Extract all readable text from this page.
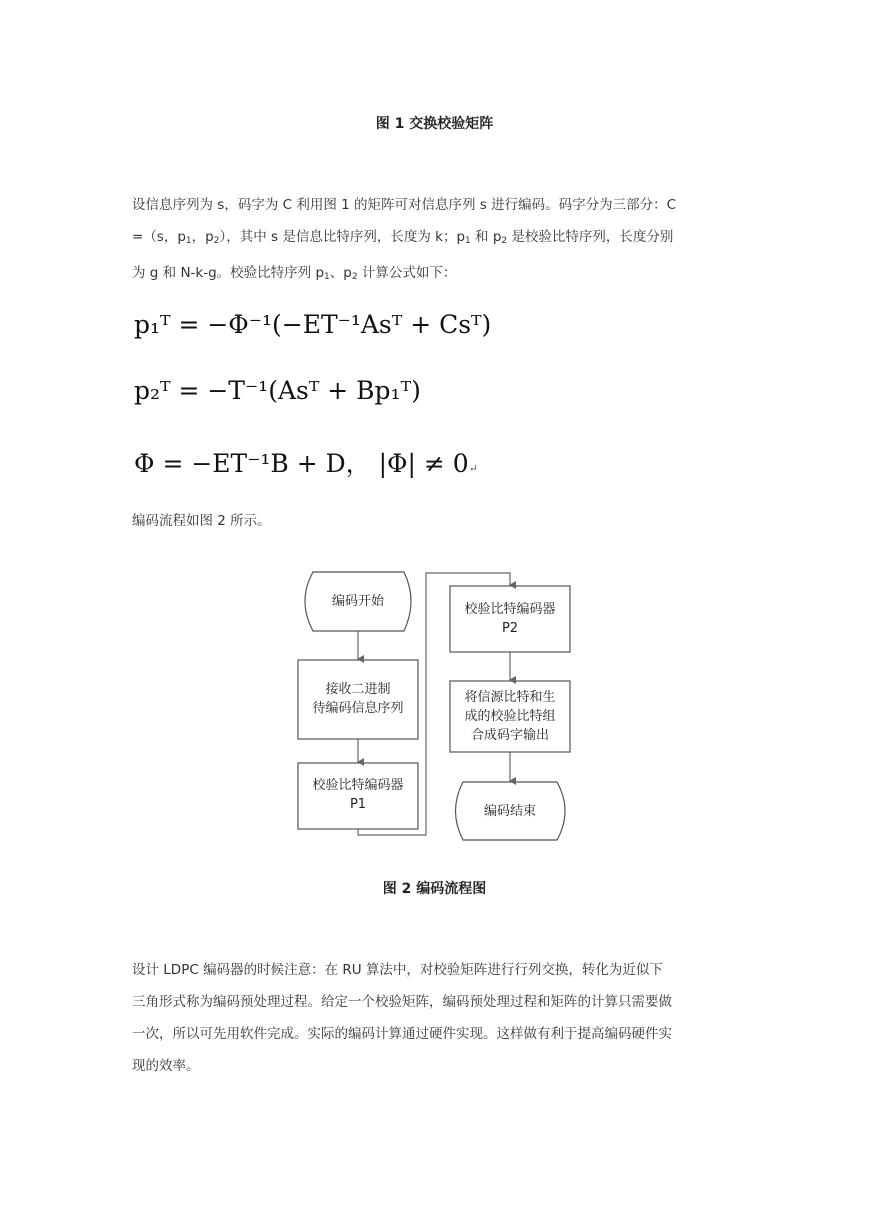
图 1 交换校验矩阵

设信息序列为 s，码字为 C 利用图 1 的矩阵可对信息序列 s 进行编码。码字分为三部分：C

=（s，$p_1$，$p_2$），其中 s 是信息比特序列，长度为 k；$p_1$ 和 $p_2$ 是校验比特序列，长度分别

为 g 和 N-k-g。校验比特序列 $p_1$、$p_2$ 计算公式如下：

p₁ᵀ = −Φ⁻¹(−ET⁻¹Asᵀ + Csᵀ)
p₂ᵀ = −T⁻¹(Asᵀ + Bp₁ᵀ)
Φ = −ET⁻¹B + D， |Φ| ≠ 0↵
编码流程如图 2 所示。
编码开始
接收二进制
待编码信息序列
校验比特编码器
P1
校验比特编码器
P2
将信源比特和生
成的校验比特组
合成码字输出
编码结束
图 2 编码流程图

设计 LDPC 编码器的时候注意：在 RU 算法中，对校验矩阵进行行列交换，转化为近似下

三角形式称为编码预处理过程。给定一个校验矩阵，编码预处理过程和矩阵的计算只需要做

一次，所以可先用软件完成。实际的编码计算通过硬件实现。这样做有利于提高编码硬件实

现的效率。
